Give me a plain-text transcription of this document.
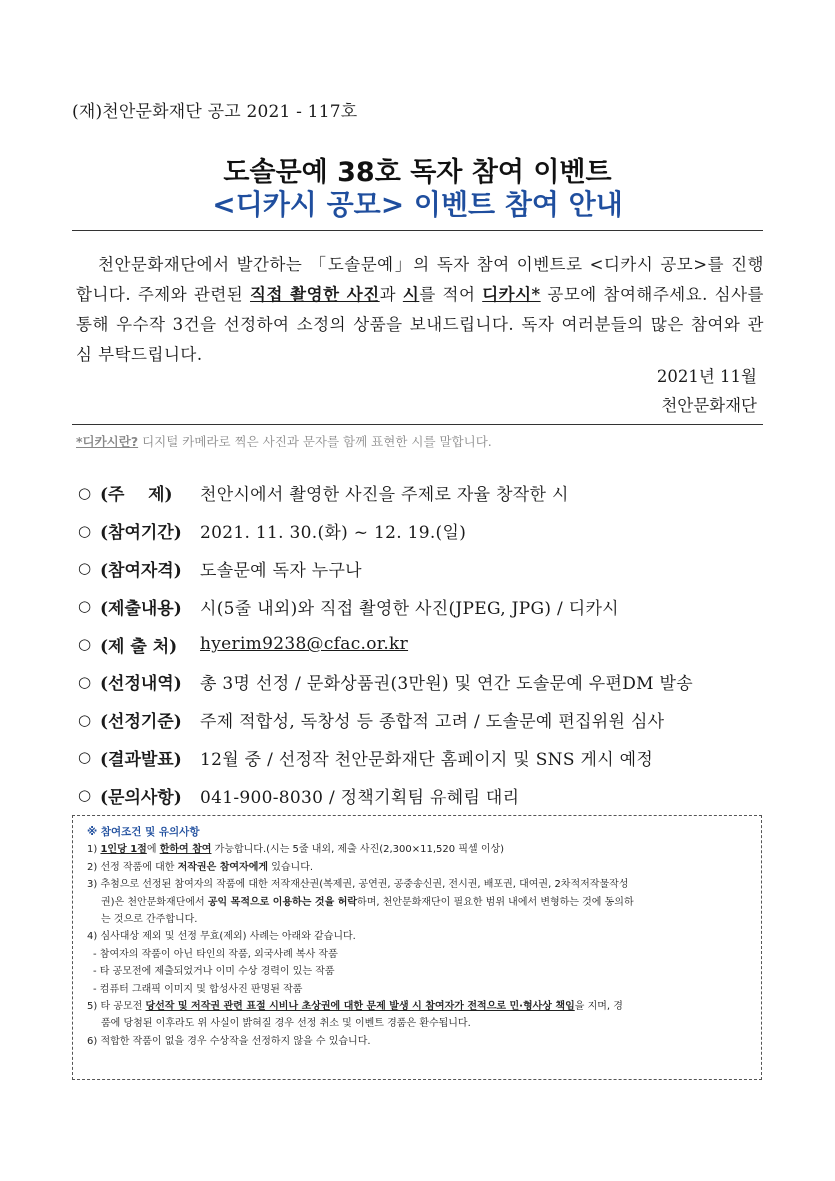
(재)천안문화재단 공고 2021 - 117호
도솔문예 38호 독자 참여 이벤트
<디카시 공모> 이벤트 참여 안내

천안문화재단에서 발간하는 「도솔문예」의 독자 참여 이벤트로 <디카시 공모>를 진행합니다. 주제와 관련된 직접 촬영한 사진과 시를 적어 디카시* 공모에 참여해주세요. 심사를 통해 우수작 3건을 선정하여 소정의 상품을 보내드립니다. 독자 여러분들의 많은 참여와 관심 부탁드립니다.

2021년 11월
천안문화재단
*디카시란? 디지털 카메라로 찍은 사진과 문자를 함께 표현한 시를 말합니다.
○ (주    제)	천안시에서 촬영한 사진을 주제로 자율 창작한 시
○ (참여기간)	2021. 11. 30.(화) ~ 12. 19.(일)
○ (참여자격)	도솔문예 독자 누구나
○ (제출내용)	시(5줄 내외)와 직접 촬영한 사진(JPEG, JPG) / 디카시
○ (제 출 처)	hyerim9238@cfac.or.kr
○ (선정내역)	총 3명 선정 / 문화상품권(3만원) 및 연간 도솔문예 우편DM 발송
○ (선정기준)	주제 적합성, 독창성 등 종합적 고려 / 도솔문예 편집위원 심사
○ (결과발표)	12월 중 / 선정작 천안문화재단 홈페이지 및 SNS 게시 예정
○ (문의사항)	041-900-8030 / 정책기획팀 유혜림 대리
※ 참여조건 및 유의사항
1) 1인당 1점에 한하여 참여 가능합니다.(시는 5줄 내외, 제출 사진(2,300×11,520 픽셀 이상)
2) 선정 작품에 대한 저작권은 참여자에게 있습니다.
3) 추첨으로 선정된 참여자의 작품에 대한 저작재산권(복제권, 공연권, 공중송신권, 전시권, 배포권, 대여권, 2차적저작물작성
권)은 천안문화재단에서 공익 목적으로 이용하는 것을 허락하며, 천안문화재단이 필요한 범위 내에서 변형하는 것에 동의하
는 것으로 간주합니다.
4) 심사대상 제외 및 선정 무효(제외) 사례는 아래와 같습니다.
- 참여자의 작품이 아닌 타인의 작품, 외국사례 복사 작품
- 타 공모전에 제출되었거나 이미 수상 경력이 있는 작품
- 컴퓨터 그래픽 이미지 및 합성사진 판명된 작품
5) 타 공모전 당선작 및 저작권 관련 표절 시비나 초상권에 대한 문제 발생 시 참여자가 전적으로 민·형사상 책임을 지며, 경
품에 당첨된 이후라도 위 사실이 밝혀질 경우 선정 취소 및 이벤트 경품은 환수됩니다.
6) 적합한 작품이 없을 경우 수상작을 선정하지 않을 수 있습니다.
